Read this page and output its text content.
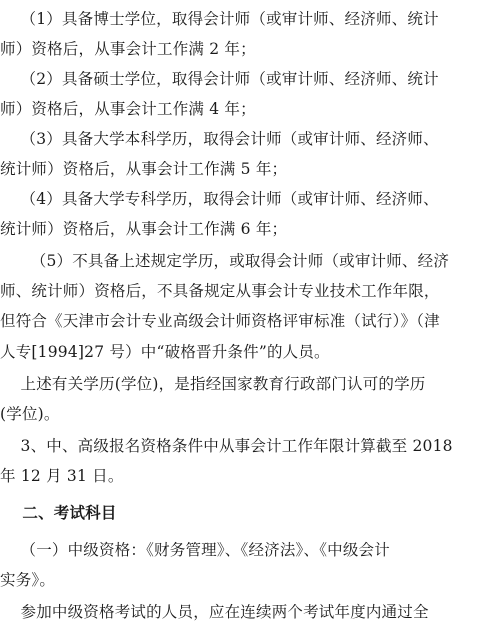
（1）具备博士学位，取得会计师（或审计师、经济师、统计
师）资格后，从事会计工作满 2 年；
（2）具备硕士学位，取得会计师（或审计师、经济师、统计
师）资格后，从事会计工作满 4 年；
（3）具备大学本科学历，取得会计师（或审计师、经济师、
统计师）资格后，从事会计工作满 5 年；
（4）具备大学专科学历，取得会计师（或审计师、经济师、
统计师）资格后，从事会计工作满 6 年；
（5）不具备上述规定学历，或取得会计师（或审计师、经济
师、统计师）资格后，不具备规定从事会计专业技术工作年限，
但符合《天津市会计专业高级会计师资格评审标准（试行）》（津
人专[1994]27 号）中“破格晋升条件”的人员。
上述有关学历(学位)，是指经国家教育行政部门认可的学历
(学位)。
3、中、高级报名资格条件中从事会计工作年限计算截至 2018
年 12 月 31 日。
二、考试科目
（一）中级资格：《财务管理》、《经济法》、《中级会计
实务》。
参加中级资格考试的人员，应在连续两个考试年度内通过全
